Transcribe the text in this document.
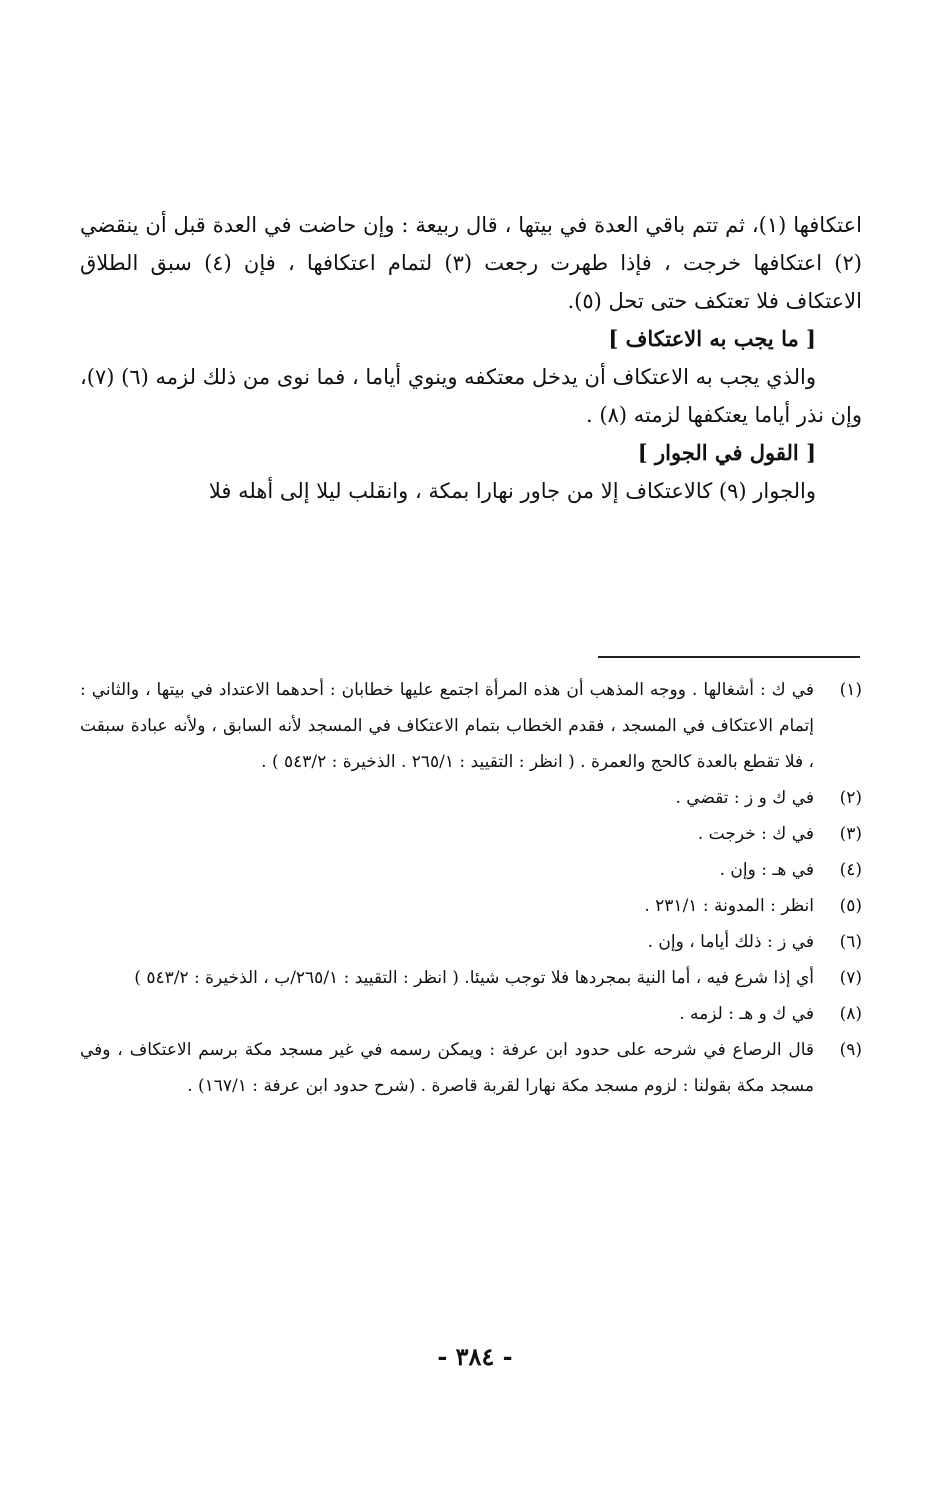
اعتكافها (١)، ثم تتم باقي العدة في بيتها ، قال ربيعة : وإن حاضت في العدة قبل أن ينقضي (٢) اعتكافها خرجت ، فإذا طهرت رجعت (٣) لتمام اعتكافها ، فإن (٤) سبق الطلاق الاعتكاف فلا تعتكف حتى تحل (٥).

[ ما يجب به الاعتكاف ]

والذي يجب به الاعتكاف أن يدخل معتكفه وينوي أياما ، فما نوى من ذلك لزمه (٦) (٧)، وإن نذر أياما يعتكفها لزمته (٨) .

[ القول في الجوار ]

والجوار (٩) كالاعتكاف إلا من جاور نهارا بمكة ، وانقلب ليلا إلى أهله فلا

(١)
في ك : أشغالها . ووجه المذهب أن هذه المرأة اجتمع عليها خطابان : أحدهما الاعتداد في بيتها ، والثاني : إتمام الاعتكاف في المسجد ، فقدم الخطاب بتمام الاعتكاف في المسجد لأنه السابق ، ولأنه عبادة سبقت ، فلا تقطع بالعدة كالحج والعمرة . ( انظر : التقييد : ٢٦٥/١ . الذخيرة : ٥٤٣/٢ ) .
(٢)
في ك و ز : تقضي .
(٣)
في ك : خرجت .
(٤)
في هـ : وإن .
(٥)
انظر : المدونة : ٢٣١/١ .
(٦)
في ز : ذلك أياما ، وإن .
(٧)
أي إذا شرع فيه ، أما النية بمجردها فلا توجب شيئا. ( انظر : التقييد : ٢٦٥/١/ب ، الذخيرة : ٥٤٣/٢ )
(٨)
في ك و هـ : لزمه .
(٩)
قال الرصاع في شرحه على حدود ابن عرفة : ويمكن رسمه في غير مسجد مكة برسم الاعتكاف ، وفي مسجد مكة بقولنا : لزوم مسجد مكة نهارا لقربة قاصرة . (شرح حدود ابن عرفة : ١٦٧/١) .
- ٣٨٤ -
